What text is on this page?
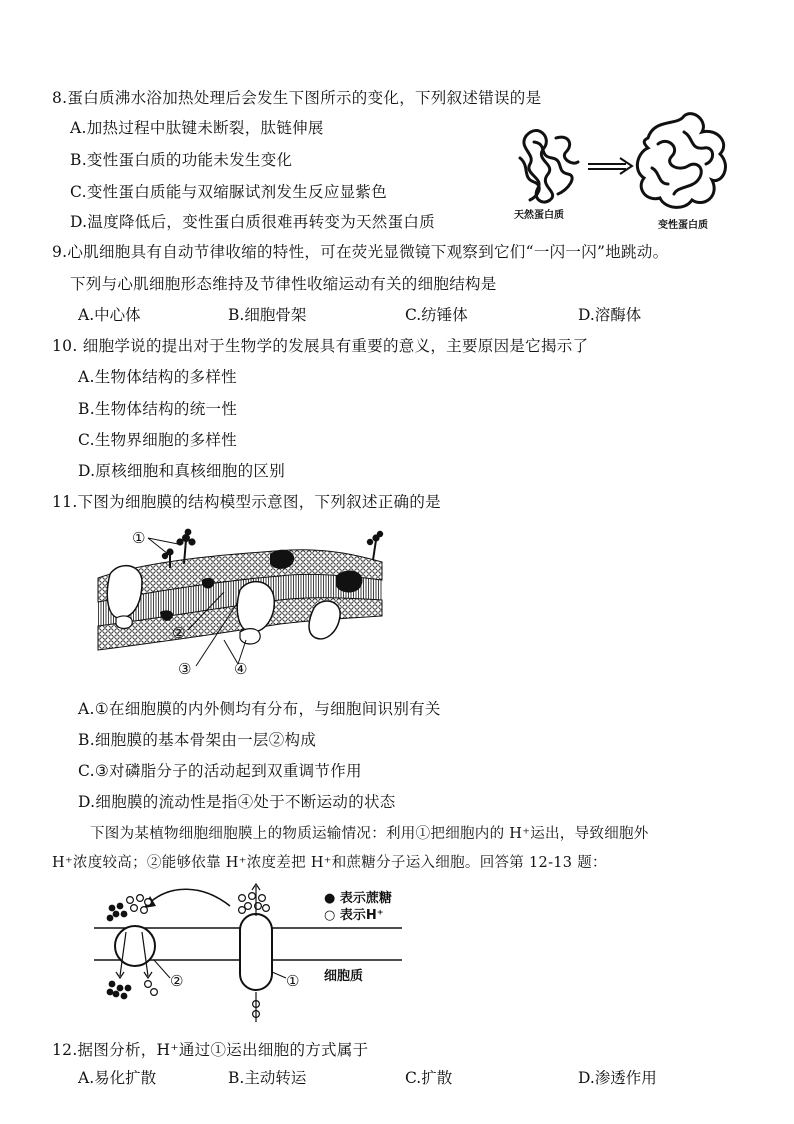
8.蛋白质沸水浴加热处理后会发生下图所示的变化，下列叙述错误的是
A.加热过程中肽键未断裂，肽链伸展
B.变性蛋白质的功能未发生变化
C.变性蛋白质能与双缩脲试剂发生反应显紫色
D.温度降低后，变性蛋白质很难再转变为天然蛋白质	天然蛋白质
变性蛋白质
9.心肌细胞具有自动节律收缩的特性，可在荧光显微镜下观察到它们“一闪一闪”地跳动。
下列与心肌细胞形态维持及节律性收缩运动有关的细胞结构是
A.中心体	B.细胞骨架	C.纺锤体	D.溶酶体
10. 细胞学说的提出对于生物学的发展具有重要的意义，主要原因是它揭示了
A.生物体结构的多样性
B.生物体结构的统一性
C.生物界细胞的多样性
D.原核细胞和真核细胞的区别
11.下图为细胞膜的结构模型示意图，下列叙述正确的是
①
②
③	④
A.①在细胞膜的内外侧均有分布，与细胞间识别有关
B.细胞膜的基本骨架由一层②构成
C.③对磷脂分子的活动起到双重调节作用
D.细胞膜的流动性是指④处于不断运动的状态
下图为某植物细胞细胞膜上的物质运输情况：利用①把细胞内的 H⁺运出，导致细胞外
H⁺浓度较高；②能够依靠 H⁺浓度差把 H⁺和蔗糖分子运入细胞。回答第 12-13 题：
②	①
● 表示蔗糖
○ 表示H⁺
细胞质
12.据图分析，H⁺通过①运出细胞的方式属于
A.易化扩散	B.主动转运	C.扩散	D.渗透作用
